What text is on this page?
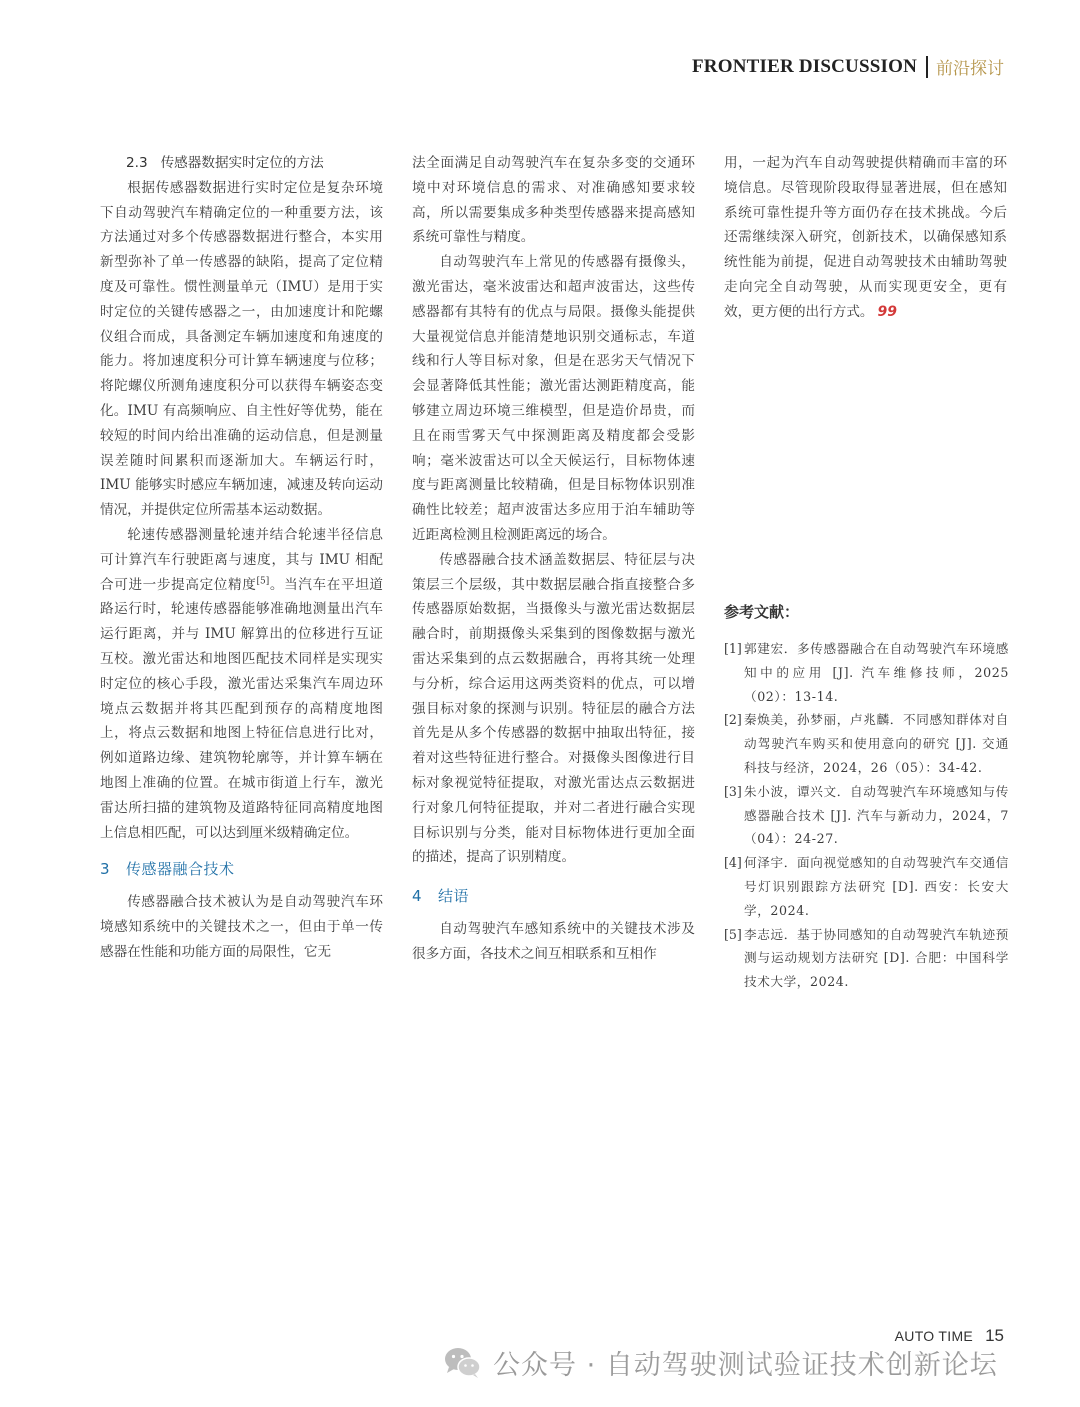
FRONTIER DISCUSSION 前沿探讨
2.3 传感器数据实时定位的方法

根据传感器数据进行实时定位是复杂环境下自动驾驶汽车精确定位的一种重要方法，该方法通过对多个传感器数据进行整合，本实用新型弥补了单一传感器的缺陷，提高了定位精度及可靠性。惯性测量单元（IMU）是用于实时定位的关键传感器之一，由加速度计和陀螺仪组合而成，具备测定车辆加速度和角速度的能力。将加速度积分可计算车辆速度与位移；将陀螺仪所测角速度积分可以获得车辆姿态变化。IMU 有高频响应、自主性好等优势，能在较短的时间内给出准确的运动信息，但是测量误差随时间累积而逐渐加大。车辆运行时，IMU 能够实时感应车辆加速，减速及转向运动情况，并提供定位所需基本运动数据。

轮速传感器测量轮速并结合轮速半径信息可计算汽车行驶距离与速度，其与 IMU 相配合可进一步提高定位精度[5]。当汽车在平坦道路运行时，轮速传感器能够准确地测量出汽车运行距离，并与 IMU 解算出的位移进行互证互校。激光雷达和地图匹配技术同样是实现实时定位的核心手段，激光雷达采集汽车周边环境点云数据并将其匹配到预存的高精度地图上，将点云数据和地图上特征信息进行比对，例如道路边缘、建筑物轮廓等，并计算车辆在地图上准确的位置。在城市街道上行车，激光雷达所扫描的建筑物及道路特征同高精度地图上信息相匹配，可以达到厘米级精确定位。

3 传感器融合技术

传感器融合技术被认为是自动驾驶汽车环境感知系统中的关键技术之一，但由于单一传感器在性能和功能方面的局限性，它无

法全面满足自动驾驶汽车在复杂多变的交通环境中对环境信息的需求、对准确感知要求较高，所以需要集成多种类型传感器来提高感知系统可靠性与精度。

自动驾驶汽车上常见的传感器有摄像头，激光雷达，毫米波雷达和超声波雷达，这些传感器都有其特有的优点与局限。摄像头能提供大量视觉信息并能清楚地识别交通标志，车道线和行人等目标对象，但是在恶劣天气情况下会显著降低其性能；激光雷达测距精度高，能够建立周边环境三维模型，但是造价昂贵，而且在雨雪雾天气中探测距离及精度都会受影响；毫米波雷达可以全天候运行，目标物体速度与距离测量比较精确，但是目标物体识别准确性比较差；超声波雷达多应用于泊车辅助等近距离检测且检测距离远的场合。

传感器融合技术涵盖数据层、特征层与决策层三个层级，其中数据层融合指直接整合多传感器原始数据，当摄像头与激光雷达数据层融合时，前期摄像头采集到的图像数据与激光雷达采集到的点云数据融合，再将其统一处理与分析，综合运用这两类资料的优点，可以增强目标对象的探测与识别。特征层的融合方法首先是从多个传感器的数据中抽取出特征，接着对这些特征进行整合。对摄像头图像进行目标对象视觉特征提取，对激光雷达点云数据进行对象几何特征提取，并对二者进行融合实现目标识别与分类，能对目标物体进行更加全面的描述，提高了识别精度。

4 结语

自动驾驶汽车感知系统中的关键技术涉及很多方面，各技术之间互相联系和互相作

用，一起为汽车自动驾驶提供精确而丰富的环境信息。尽管现阶段取得显著进展，但在感知系统可靠性提升等方面仍存在技术挑战。今后还需继续深入研究，创新技术，以确保感知系统性能为前提，促进自动驾驶技术由辅助驾驶走向完全自动驾驶，从而实现更安全，更有效，更方便的出行方式。 99

参考文献：
[1] 郭建宏．多传感器融合在自动驾驶汽车环境感知中的应用 [J]. 汽车维修技师，2025（02）：13-14.
[2] 秦焕美，孙梦丽，卢兆麟．不同感知群体对自动驾驶汽车购买和使用意向的研究 [J]. 交通科技与经济，2024，26（05）：34-42.
[3] 朱小波，谭兴文．自动驾驶汽车环境感知与传感器融合技术 [J]. 汽车与新动力，2024，7（04）：24-27.
[4] 何泽宇．面向视觉感知的自动驾驶汽车交通信号灯识别跟踪方法研究 [D]. 西安：长安大学，2024.
[5] 李志远．基于协同感知的自动驾驶汽车轨迹预测与运动规划方法研究 [D]. 合肥：中国科学技术大学，2024.
AUTO TIME 15
公众号 · 自动驾驶测试验证技术创新论坛
